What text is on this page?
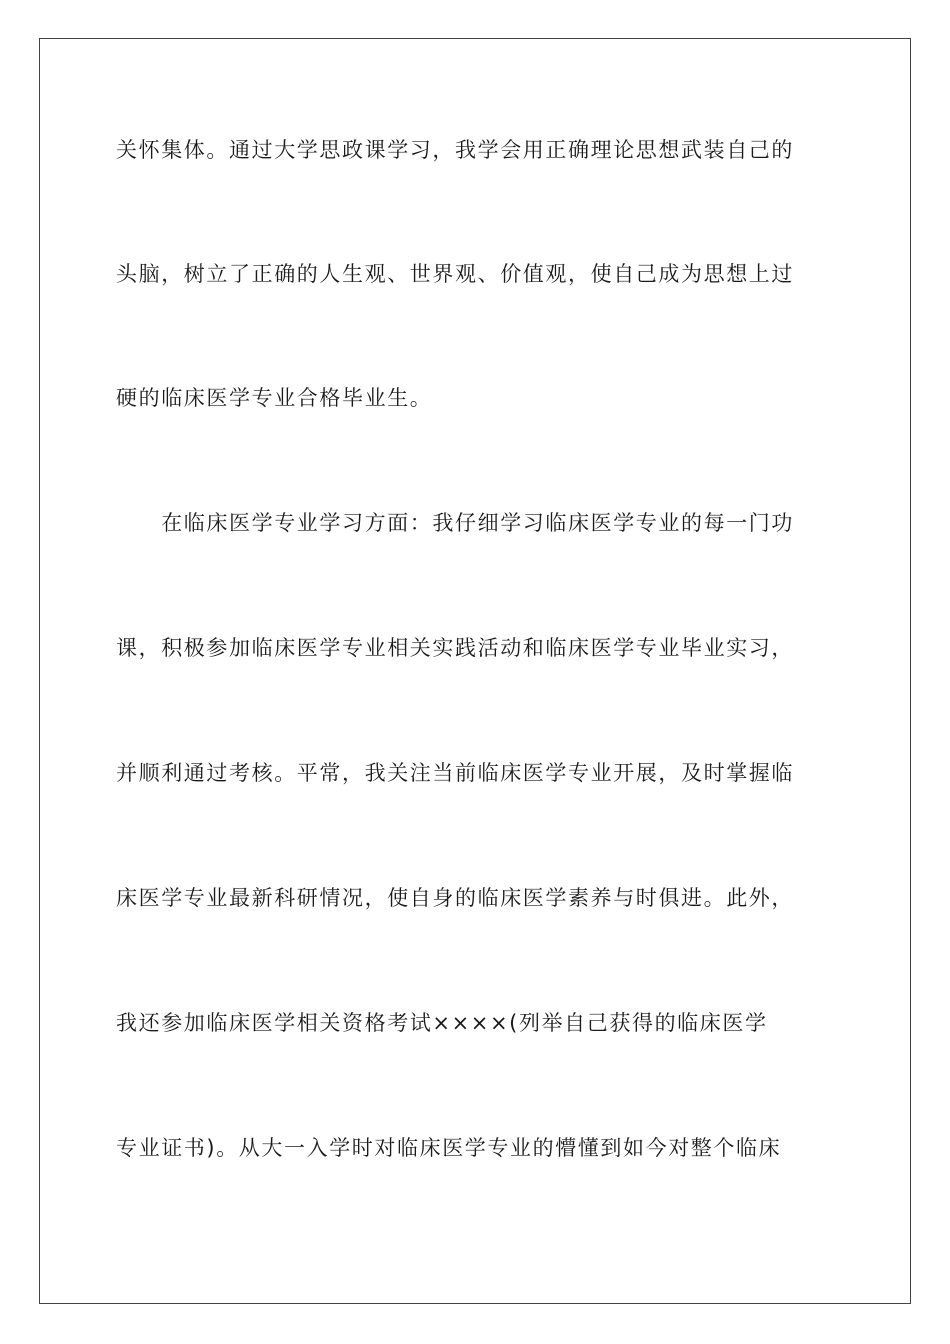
关怀集体。通过大学思政课学习，我学会用正确理论思想武装自己的
头脑，树立了正确的人生观、世界观、价值观，使自己成为思想上过
硬的临床医学专业合格毕业生。
　　在临床医学专业学习方面：我仔细学习临床医学专业的每一门功
课，积极参加临床医学专业相关实践活动和临床医学专业毕业实习，
并顺利通过考核。平常，我关注当前临床医学专业开展，及时掌握临
床医学专业最新科研情况，使自身的临床医学素养与时俱进。此外，
我还参加临床医学相关资格考试××××(列举自己获得的临床医学
专业证书)。从大一入学时对临床医学专业的懵懂到如今对整个临床
